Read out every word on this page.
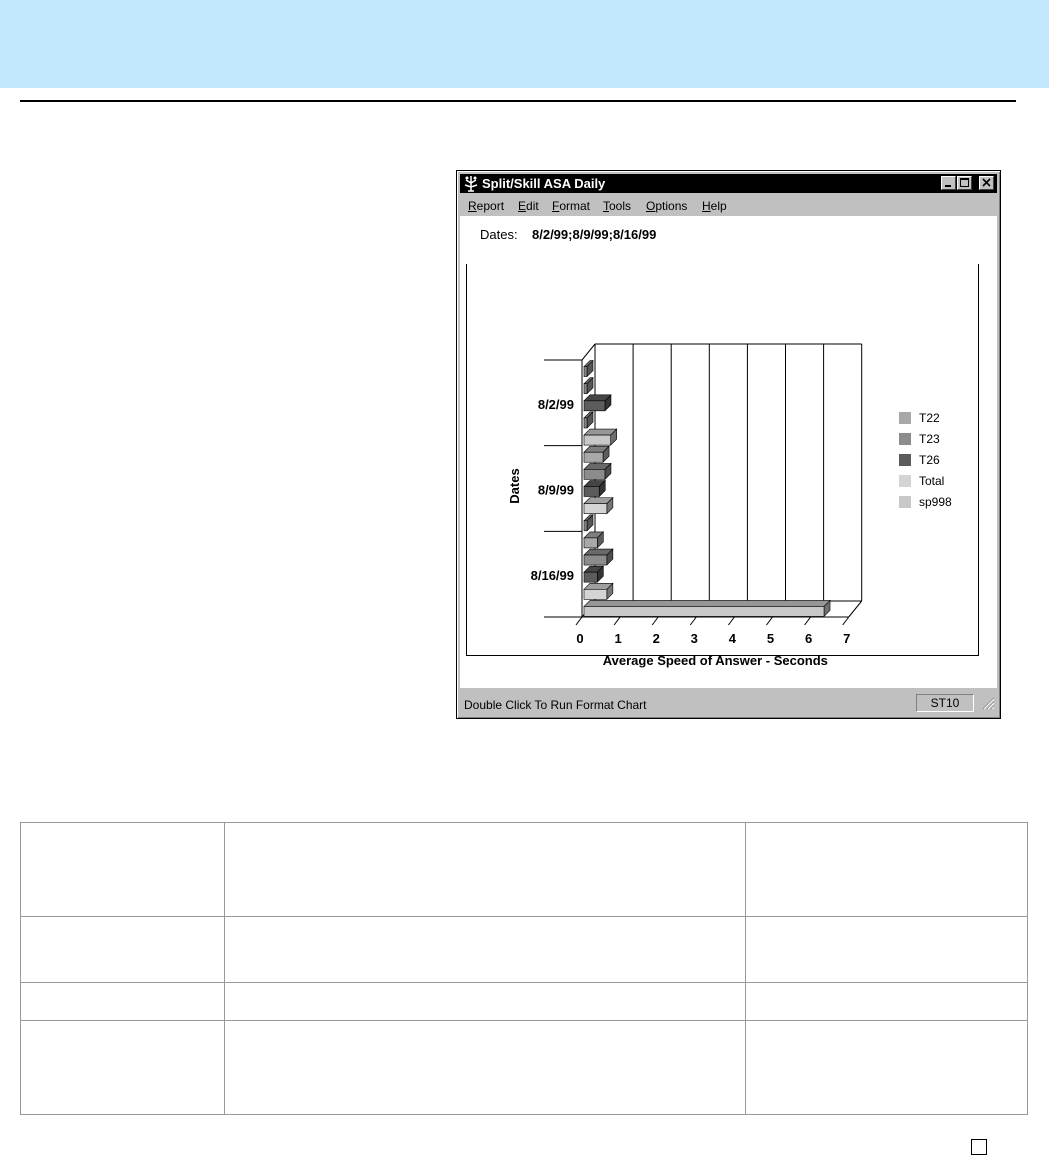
Split/Skill ASA Daily
Report Edit Format Tools Options Help
Dates: 8/2/99;8/9/99;8/16/99
0 1 2 3 4 5 6 7
Average Speed of Answer - Seconds
Dates
8/2/99
8/9/99
8/16/99
T22
T23
T26
Total
sp998
Double Click To Run Format Chart	ST10
